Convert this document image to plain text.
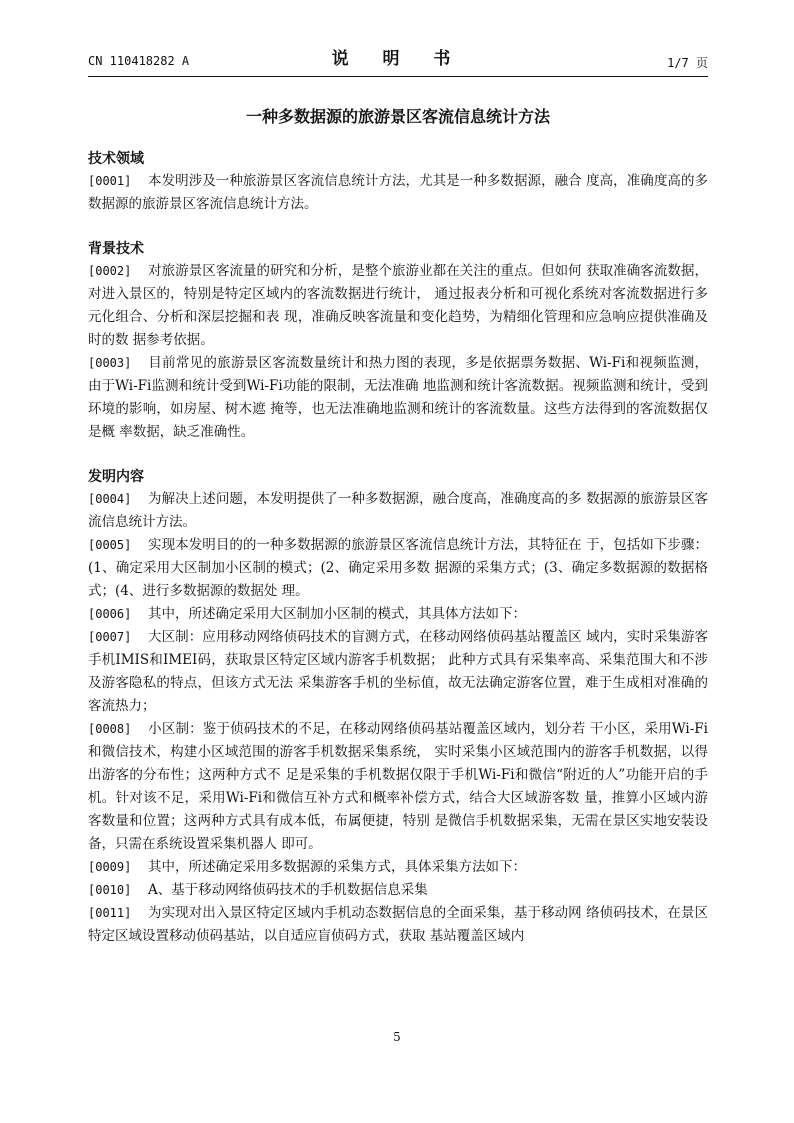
CN 110418282 A	说 明 书	1/7 页
一种多数据源的旅游景区客流信息统计方法

技术领域

[0001] 本发明涉及一种旅游景区客流信息统计方法，尤其是一种多数据源，融合 度高，准确度高的多数据源的旅游景区客流信息统计方法。

背景技术

[0002] 对旅游景区客流量的研究和分析，是整个旅游业都在关注的重点。但如何 获取准确客流数据，对进入景区的，特别是特定区域内的客流数据进行统计， 通过报表分析和可视化系统对客流数据进行多元化组合、分析和深层挖掘和表 现，准确反映客流量和变化趋势，为精细化管理和应急响应提供准确及时的数 据参考依据。

[0003] 目前常见的旅游景区客流数量统计和热力图的表现，多是依据票务数据、Wi-Fi和视频监测，由于Wi-Fi监测和统计受到Wi-Fi功能的限制，无法准确 地监测和统计客流数据。视频监测和统计，受到环境的影响，如房屋、树木遮 掩等，也无法准确地监测和统计的客流数量。这些方法得到的客流数据仅是概 率数据，缺乏准确性。

发明内容

[0004] 为解决上述问题，本发明提供了一种多数据源，融合度高，准确度高的多 数据源的旅游景区客流信息统计方法。

[0005] 实现本发明目的的一种多数据源的旅游景区客流信息统计方法，其特征在 于，包括如下步骤：(1、确定采用大区制加小区制的模式；(2、确定采用多数 据源的采集方式；(3、确定多数据源的数据格式；(4、进行多数据源的数据处 理。

[0006] 其中，所述确定采用大区制加小区制的模式，其具体方法如下：

[0007] 大区制：应用移动网络侦码技术的盲测方式，在移动网络侦码基站覆盖区 域内，实时采集游客手机IMIS和IMEI码，获取景区特定区域内游客手机数据； 此种方式具有采集率高、采集范围大和不涉及游客隐私的特点，但该方式无法 采集游客手机的坐标值，故无法确定游客位置，难于生成相对准确的客流热力；

[0008] 小区制：鉴于侦码技术的不足，在移动网络侦码基站覆盖区域内，划分若 干小区，采用Wi-Fi和微信技术，构建小区域范围的游客手机数据采集系统， 实时采集小区域范围内的游客手机数据，以得出游客的分布性；这两种方式不 足是采集的手机数据仅限于手机Wi-Fi和微信“附近的人”功能开启的手机。针对该不足，采用Wi-Fi和微信互补方式和概率补偿方式，结合大区域游客数 量，推算小区域内游客数量和位置；这两种方式具有成本低，布属便捷，特别 是微信手机数据采集，无需在景区实地安装设备，只需在系统设置采集机器人 即可。

[0009] 其中，所述确定采用多数据源的采集方式，具体采集方法如下：

[0010] A、基于移动网络侦码技术的手机数据信息采集

[0011] 为实现对出入景区特定区域内手机动态数据信息的全面采集，基于移动网 络侦码技术，在景区特定区域设置移动侦码基站，以自适应盲侦码方式，获取 基站覆盖区域内

5
